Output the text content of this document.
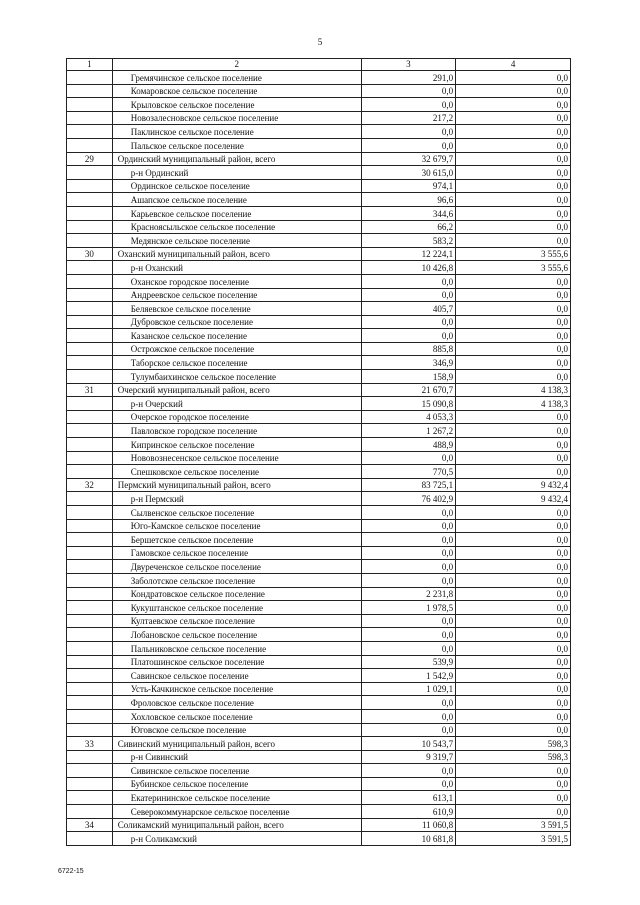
5
1	2	3	4
	Гремячинское сельское поселение	291,0	0,0
	Комаровское сельское поселение	0,0	0,0
	Крыловское сельское поселение	0,0	0,0
	Новозалесновское сельское поселение	217,2	0,0
	Паклинское сельское поселение	0,0	0,0
	Пальское сельское поселение	0,0	0,0
29	Ординский муниципальный район, всего	32 679,7	0,0
	р-н Ординский	30 615,0	0,0
	Ординское сельское поселение	974,1	0,0
	Ашапское сельское поселение	96,6	0,0
	Карьевское сельское поселение	344,6	0,0
	Красноясыльское сельское поселение	66,2	0,0
	Медянское сельское поселение	583,2	0,0
30	Оханский муниципальный район, всего	12 224,1	3 555,6
	р-н Оханский	10 426,8	3 555,6
	Оханское городское поселение	0,0	0,0
	Андреевское сельское поселение	0,0	0,0
	Беляевское сельское поселение	405,7	0,0
	Дубровское сельское поселение	0,0	0,0
	Казанское сельское поселение	0,0	0,0
	Острожское сельское поселение	885,8	0,0
	Таборское сельское поселение	346,9	0,0
	Тулумбаихинское сельское поселение	158,9	0,0
31	Очерский муниципальный район, всего	21 670,7	4 138,3
	р-н Очерский	15 090,8	4 138,3
	Очерское городское поселение	4 053,3	0,0
	Павловское городское поселение	1 267,2	0,0
	Кипринское сельское поселение	488,9	0,0
	Нововознесенское сельское поселение	0,0	0,0
	Спешковское сельское поселение	770,5	0,0
32	Пермский муниципальный район, всего	83 725,1	9 432,4
	р-н Пермский	76 402,9	9 432,4
	Сылвенское сельское поселение	0,0	0,0
	Юго-Камское сельское поселение	0,0	0,0
	Бершетское сельское поселение	0,0	0,0
	Гамовское сельское поселение	0,0	0,0
	Двуреченское сельское поселение	0,0	0,0
	Заболотское сельское поселение	0,0	0,0
	Кондратовское сельское поселение	2 231,8	0,0
	Кукуштанское сельское поселение	1 978,5	0,0
	Култаевское сельское поселение	0,0	0,0
	Лобановское сельское поселение	0,0	0,0
	Пальниковское сельское поселение	0,0	0,0
	Платошинское сельское поселение	539,9	0,0
	Савинское сельское поселение	1 542,9	0,0
	Усть-Качкинское сельское поселение	1 029,1	0,0
	Фроловское сельское поселение	0,0	0,0
	Хохловское сельское поселение	0,0	0,0
	Юговское сельское поселение	0,0	0,0
33	Сивинский муниципальный район, всего	10 543,7	598,3
	р-н Сивинский	9 319,7	598,3
	Сивинское сельское поселение	0,0	0,0
	Бубинское сельское поселение	0,0	0,0
	Екатерининское сельское поселение	613,1	0,0
	Северокоммунарское сельское поселение	610,9	0,0
34	Соликамский муниципальный район, всего	11 060,8	3 591,5
	р-н Соликамский	10 681,8	3 591,5
6722-15
